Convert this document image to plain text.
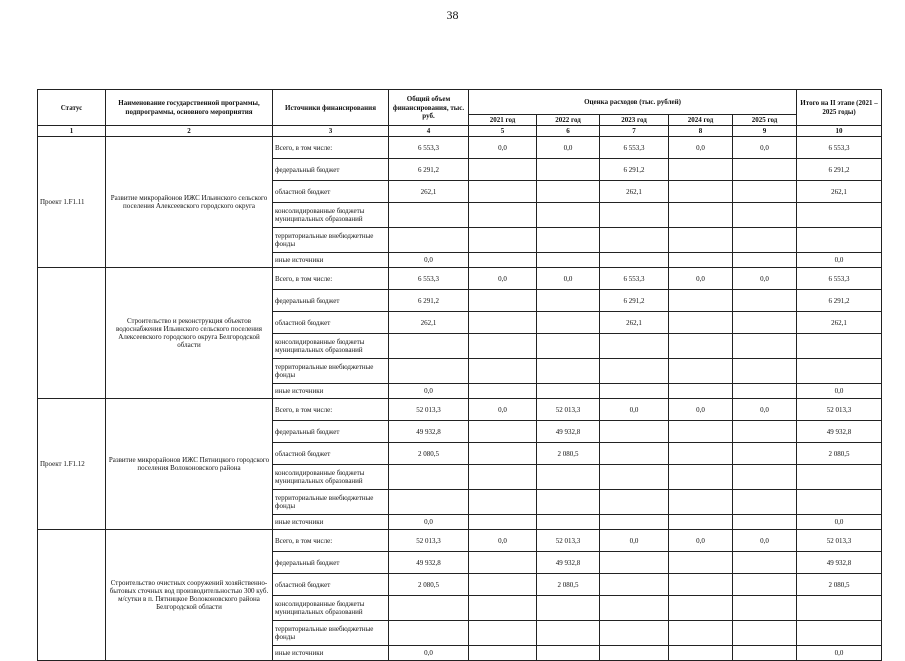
38
Статус	Наименование государственной программы, подпрограммы, основного мероприятия	Источники финансирования	Общий объем финансирования, тыс. руб.	Оценка расходов (тыс. рублей)					Итого на II этапе (2021 – 2025 годы)
				2021 год	2022 год	2023 год	2024 год	2025 год	
1	2	3	4	5	6	7	8	9	10
Проект 1.F1.11	Развитие микрорайонов ИЖС Ильинского сельского поселения Алексеевского городского округа	Всего, в том числе:	6 553,3	0,0	0,0	6 553,3	0,0	0,0	6 553,3
		федеральный бюджет	6 291,2			6 291,2			6 291,2
		областной бюджет	262,1			262,1			262,1
		консолидированные бюджеты муниципальных образований							
		территориальные внебюджетные фонды							
		иные источники	0,0						0,0
	Строительство и реконструкция объектов водоснабжения Ильинского сельского поселения Алексеевского городского округа Белгородской области	Всего, в том числе:	6 553,3	0,0	0,0	6 553,3	0,0	0,0	6 553,3
		федеральный бюджет	6 291,2			6 291,2			6 291,2
		областной бюджет	262,1			262,1			262,1
		консолидированные бюджеты муниципальных образований							
		территориальные внебюджетные фонды							
		иные источники	0,0						0,0
Проект 1.F1.12	Развитие микрорайонов ИЖС Пятницкого городского поселения Волоконовского района	Всего, в том числе:	52 013,3	0,0	52 013,3	0,0	0,0	0,0	52 013,3
		федеральный бюджет	49 932,8		49 932,8				49 932,8
		областной бюджет	2 080,5		2 080,5				2 080,5
		консолидированные бюджеты муниципальных образований							
		территориальные внебюджетные фонды							
		иные источники	0,0						0,0
	Строительство очистных сооружений хозяйственно-бытовых сточных вод производительностью 300 куб. м/сутки в п. Пятницкое Волоконовского района Белгородской области	Всего, в том числе:	52 013,3	0,0	52 013,3	0,0	0,0	0,0	52 013,3
		федеральный бюджет	49 932,8		49 932,8				49 932,8
		областной бюджет	2 080,5		2 080,5				2 080,5
		консолидированные бюджеты муниципальных образований							
		территориальные внебюджетные фонды							
		иные источники	0,0						0,0
